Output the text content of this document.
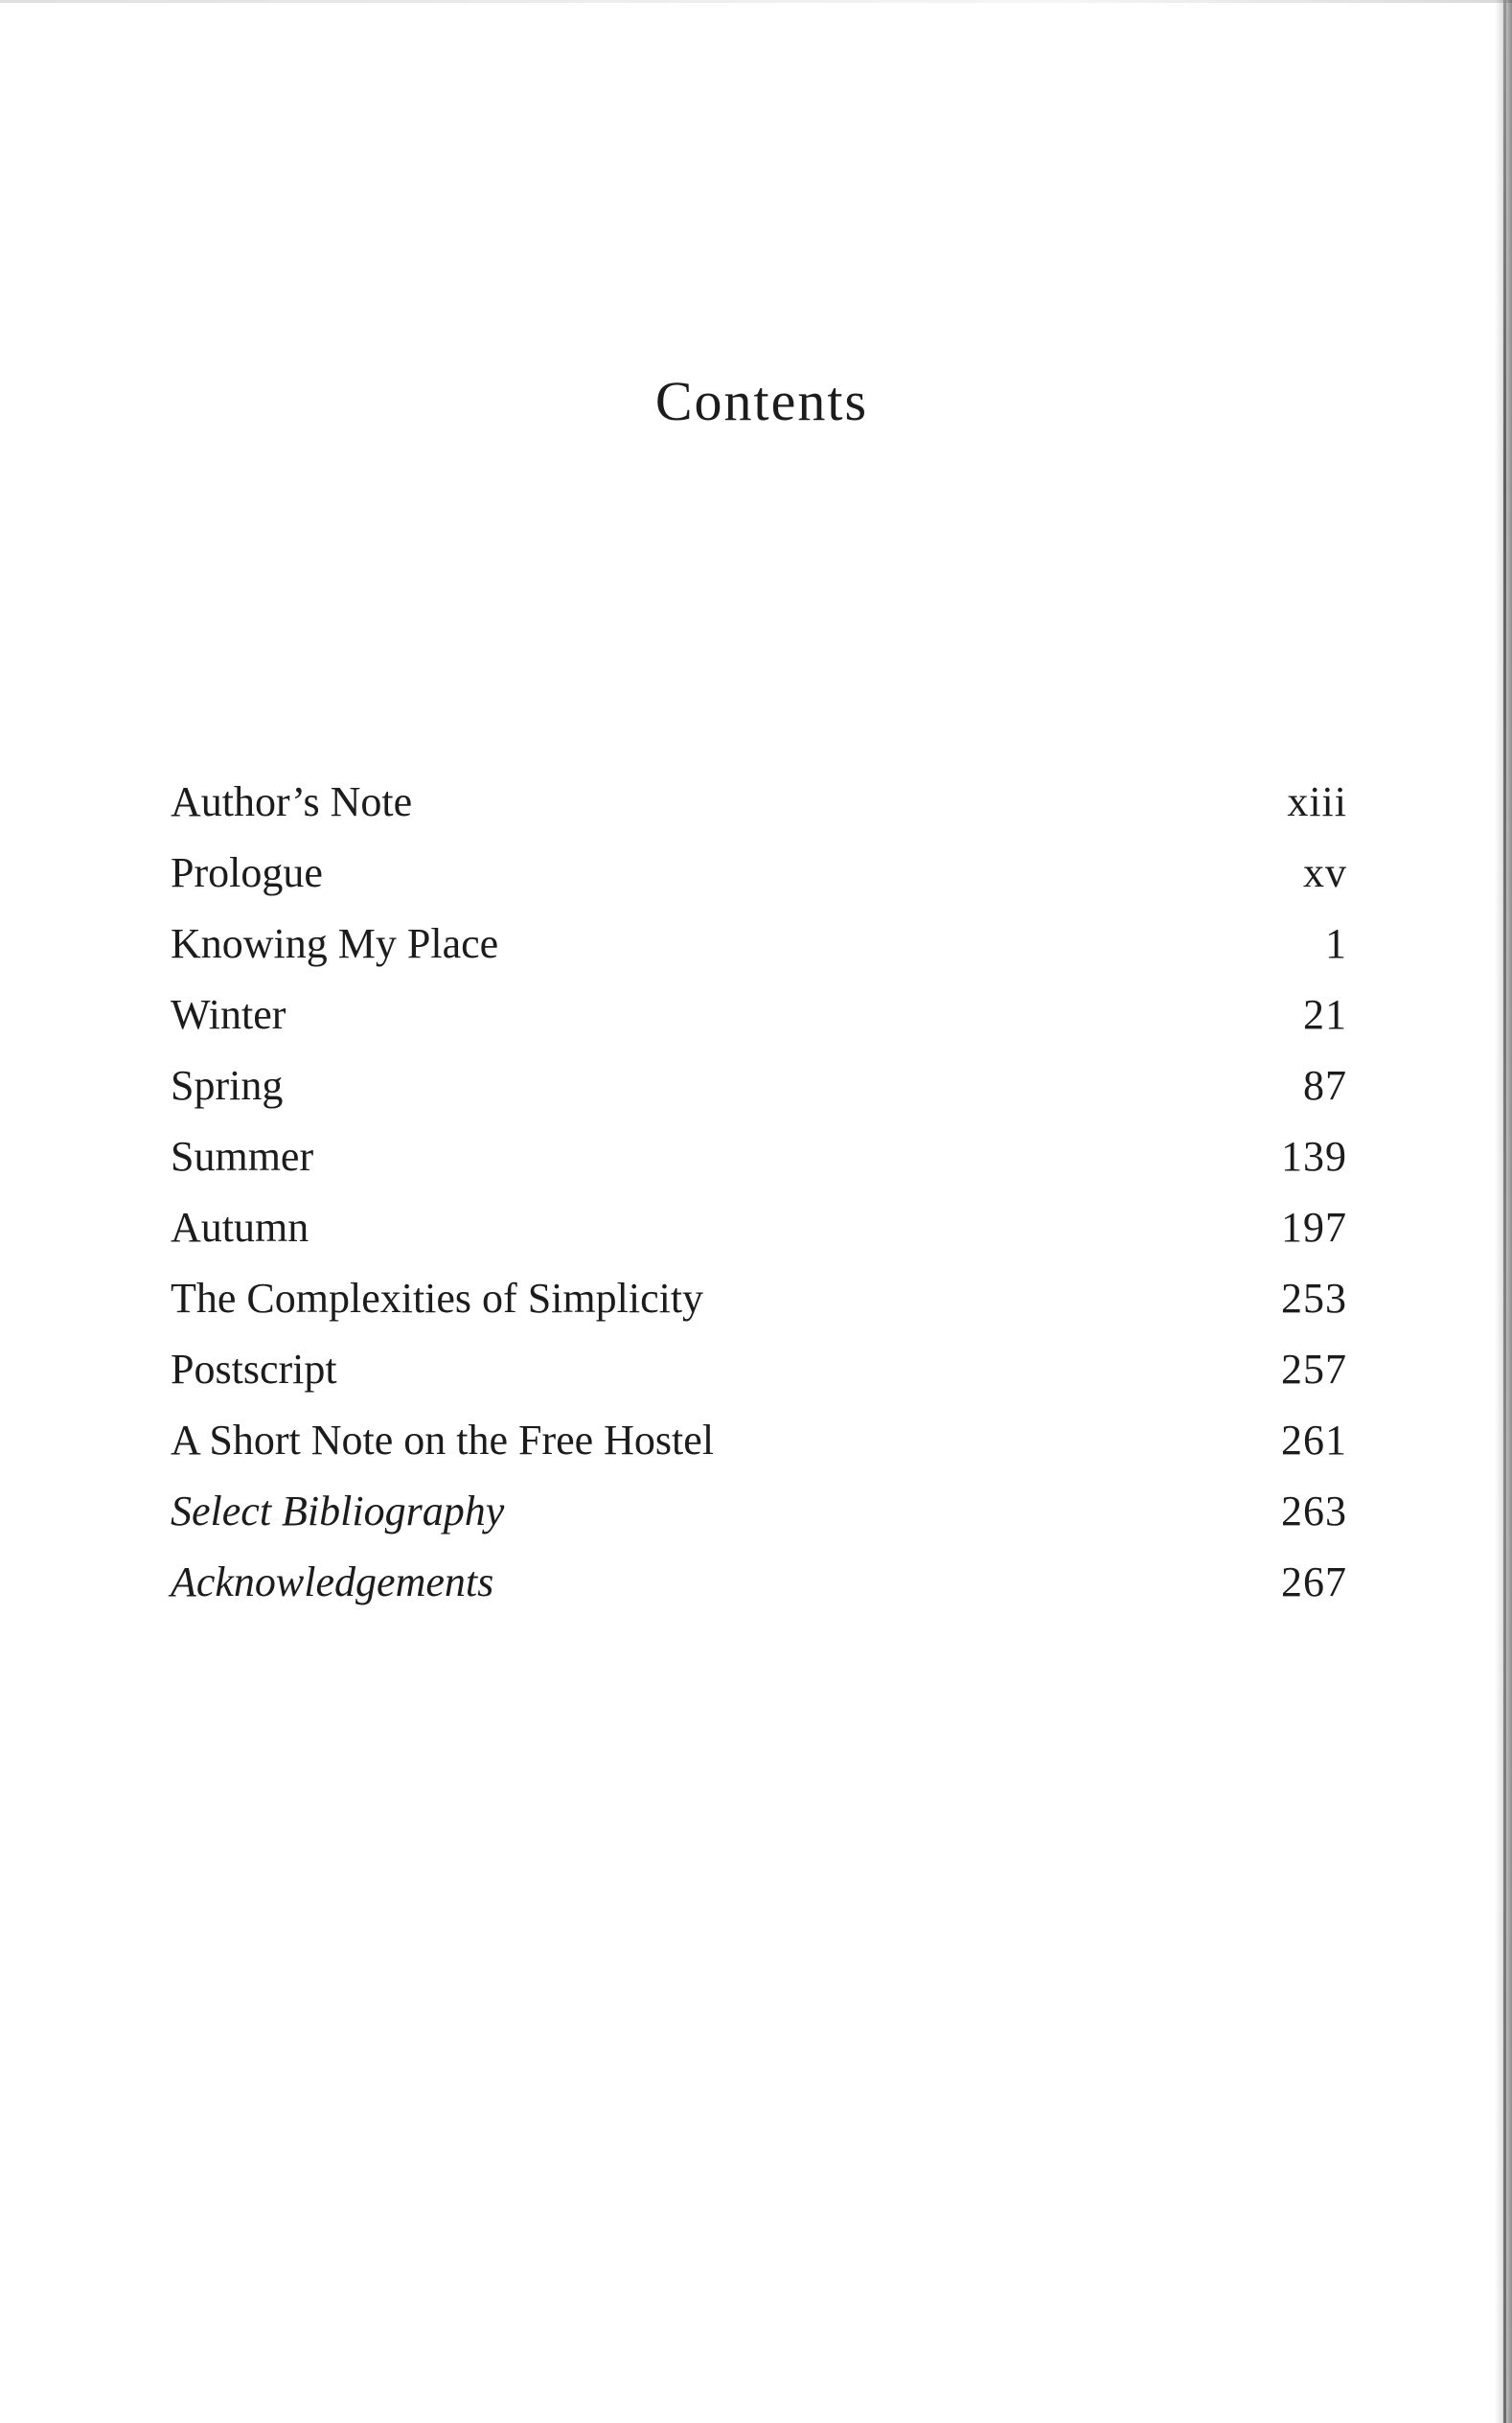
Contents
Author’s Note	xiii
Prologue	xv
Knowing My Place	1
Winter	21
Spring	87
Summer	139
Autumn	197
The Complexities of Simplicity	253
Postscript	257
A Short Note on the Free Hostel	261
Select Bibliography	263
Acknowledgements	267
